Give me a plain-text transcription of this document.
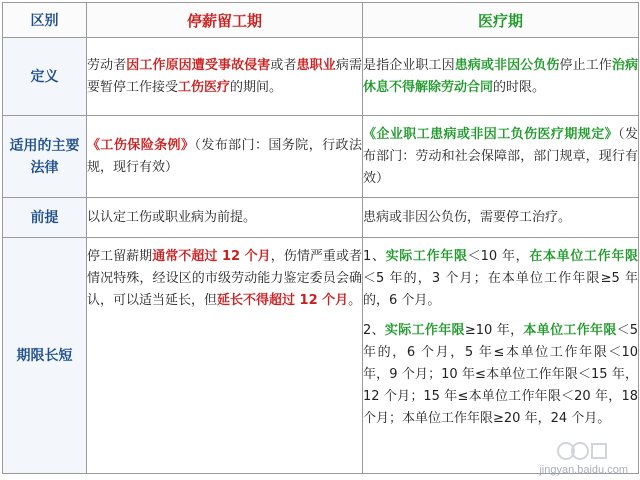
区别	停薪留工期	医疗期
定义	劳动者因工作原因遭受事故侵害或者患职业病需要暂停工作接受工伤医疗的期间。	是指企业职工因患病或非因公负伤停止工作治病休息不得解除劳动合同的时限。
适用的主要法律	《工伤保险条例》（发布部门：国务院，行政法规，现行有效）	《企业职工患病或非因工负伤医疗期规定》（发布部门：劳动和社会保障部，部门规章，现行有效）
前提	以认定工伤或职业病为前提。	患病或非因公负伤，需要停工治疗。
期限长短	停工留薪期通常不超过 12 个月，伤情严重或者情况特殊，经设区的市级劳动能力鉴定委员会确认，可以适当延长，但延长不得超过 12 个月。	1、实际工作年限＜10 年，在本单位工作年限＜5 年的，3 个月；在本单位工作年限≥5 年的，6 个月。
2、实际工作年限≥10 年，本单位工作年限＜5 年的，6 个月，5 年≤本单位工作年限＜10 年，9 个月；10 年≤本单位工作年限＜15 年，12 个月；15 年≤本单位工作年限＜20 年，18 个月；本单位工作年限≥20 年，24 个月。
jingyan.baidu.com
